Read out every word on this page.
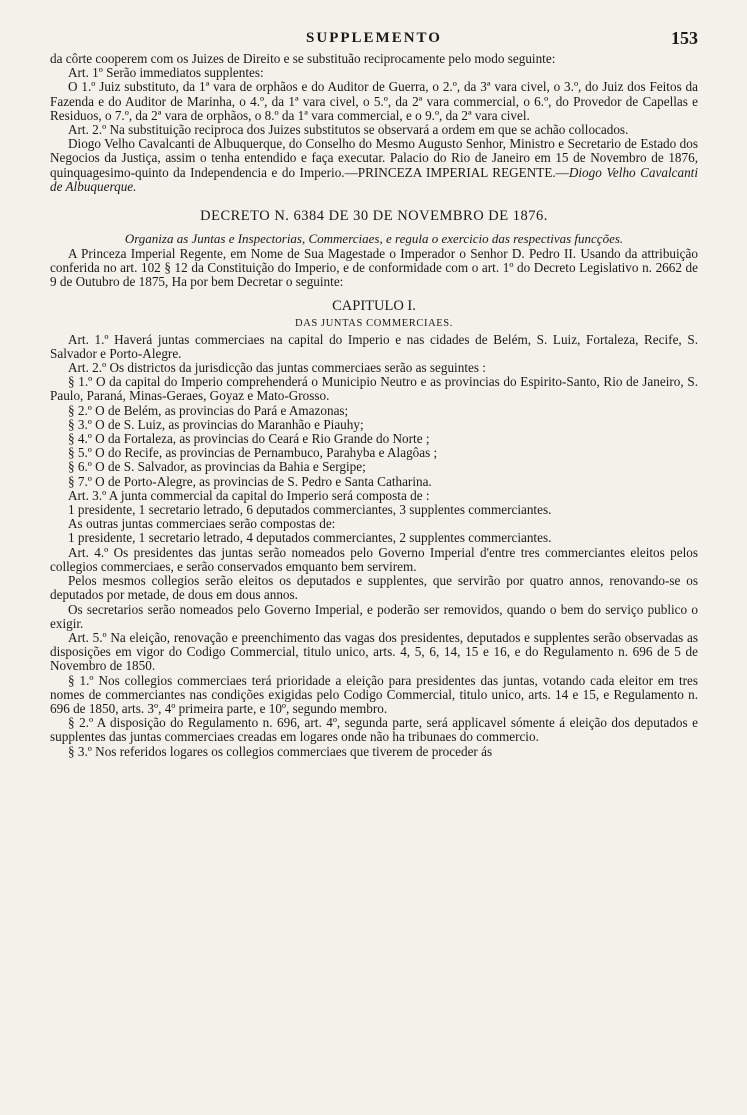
SUPPLEMENTO	153

da côrte cooperem com os Juizes de Direito e se substituão reciprocamente pelo modo seguinte:

Art. 1º Serão immediatos supplentes:

O 1.º Juiz substituto, da 1ª vara de orphãos e do Auditor de Guerra, o 2.º, da 3ª vara civel, o 3.º, do Juiz dos Feitos da Fazenda e do Auditor de Marinha, o 4.º, da 1ª vara civel, o 5.º, da 2ª vara commercial, o 6.º, do Provedor de Capellas e Residuos, o 7.º, da 2ª vara de orphãos, o 8.º da 1ª vara commercial, e o 9.º, da 2ª vara civel.

Art. 2.º Na substituição reciproca dos Juizes substitutos se observará a ordem em que se achão collocados.

Diogo Velho Cavalcanti de Albuquerque, do Conselho do Mesmo Augusto Senhor, Ministro e Secretario de Estado dos Negocios da Justiça, assim o tenha entendido e faça executar. Palacio do Rio de Janeiro em 15 de Novembro de 1876, quinquagesimo-quinto da Independencia e do Imperio.—PRINCEZA IMPERIAL REGENTE.—Diogo Velho Cavalcanti de Albuquerque.

DECRETO N. 6384 DE 30 DE NOVEMBRO DE 1876.
Organiza as Juntas e Inspectorias, Commerciaes, e regula o exercicio das respectivas funcções.

A Princeza Imperial Regente, em Nome de Sua Magestade o Imperador o Senhor D. Pedro II. Usando da attribuição conferida no art. 102 § 12 da Constituição do Imperio, e de conformidade com o art. 1º do Decreto Legislativo n. 2662 de 9 de Outubro de 1875, Ha por bem Decretar o seguinte:

CAPITULO I.
DAS JUNTAS COMMERCIAES.

Art. 1.º Haverá juntas commerciaes na capital do Imperio e nas cidades de Belém, S. Luiz, Fortaleza, Recife, S. Salvador e Porto-Alegre.

Art. 2.º Os districtos da jurisdicção das juntas commerciaes serão as seguintes :

§ 1.º O da capital do Imperio comprehenderá o Municipio Neutro e as provincias do Espirito-Santo, Rio de Janeiro, S. Paulo, Paraná, Minas-Geraes, Goyaz e Mato-Grosso.

§ 2.º O de Belém, as provincias do Pará e Amazonas;

§ 3.º O de S. Luiz, as provincias do Maranhão e Piauhy;

§ 4.º O da Fortaleza, as provincias do Ceará e Rio Grande do Norte ;

§ 5.º O do Recife, as provincias de Pernambuco, Parahyba e Alagôas ;

§ 6.º O de S. Salvador, as provincias da Bahia e Sergipe;

§ 7.º O de Porto-Alegre, as provincias de S. Pedro e Santa Catharina.

Art. 3.º A junta commercial da capital do Imperio será composta de :

1 presidente, 1 secretario letrado, 6 deputados commerciantes, 3 supplentes commerciantes.

As outras juntas commerciaes serão compostas de:

1 presidente, 1 secretario letrado, 4 deputados commerciantes, 2 supplentes commerciantes.

Art. 4.º Os presidentes das juntas serão nomeados pelo Governo Imperial d'entre tres commerciantes eleitos pelos collegios commerciaes, e serão conservados emquanto bem servirem.

Pelos mesmos collegios serão eleitos os deputados e supplentes, que servirão por quatro annos, renovando-se os deputados por metade, de dous em dous annos.

Os secretarios serão nomeados pelo Governo Imperial, e poderão ser removidos, quando o bem do serviço publico o exigir.

Art. 5.º Na eleição, renovação e preenchimento das vagas dos presidentes, deputados e supplentes serão observadas as disposições em vigor do Codigo Commercial, titulo unico, arts. 4, 5, 6, 14, 15 e 16, e do Regulamento n. 696 de 5 de Novembro de 1850.

§ 1.º Nos collegios commerciaes terá prioridade a eleição para presidentes das juntas, votando cada eleitor em tres nomes de commerciantes nas condições exigidas pelo Codigo Commercial, titulo unico, arts. 14 e 15, e Regulamento n. 696 de 1850, arts. 3º, 4º primeira parte, e 10º, segundo membro.

§ 2.º A disposição do Regulamento n. 696, art. 4º, segunda parte, será applicavel sómente á eleição dos deputados e supplentes das juntas commerciaes creadas em logares onde não ha tribunaes do commercio.

§ 3.º Nos referidos logares os collegios commerciaes que tiverem de proceder ás
